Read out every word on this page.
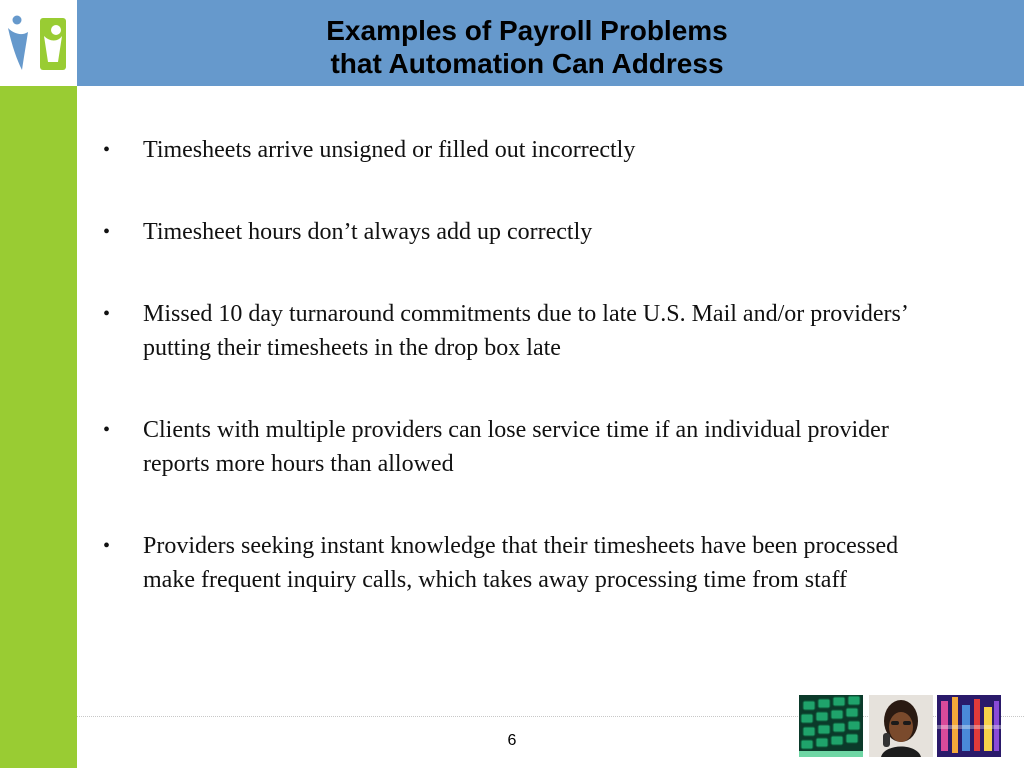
Examples of Payroll Problems
that Automation Can Address
•	Timesheets arrive unsigned or filled out incorrectly
•	Timesheet hours don’t always add up correctly
•	Missed 10 day turnaround commitments due to late U.S. Mail and/or providers’ putting their timesheets in the drop box late
•	Clients with multiple providers can lose service time if an individual provider reports more hours than allowed
•	Providers seeking instant knowledge that their timesheets have been processed make frequent inquiry calls, which takes away processing time from staff
6
